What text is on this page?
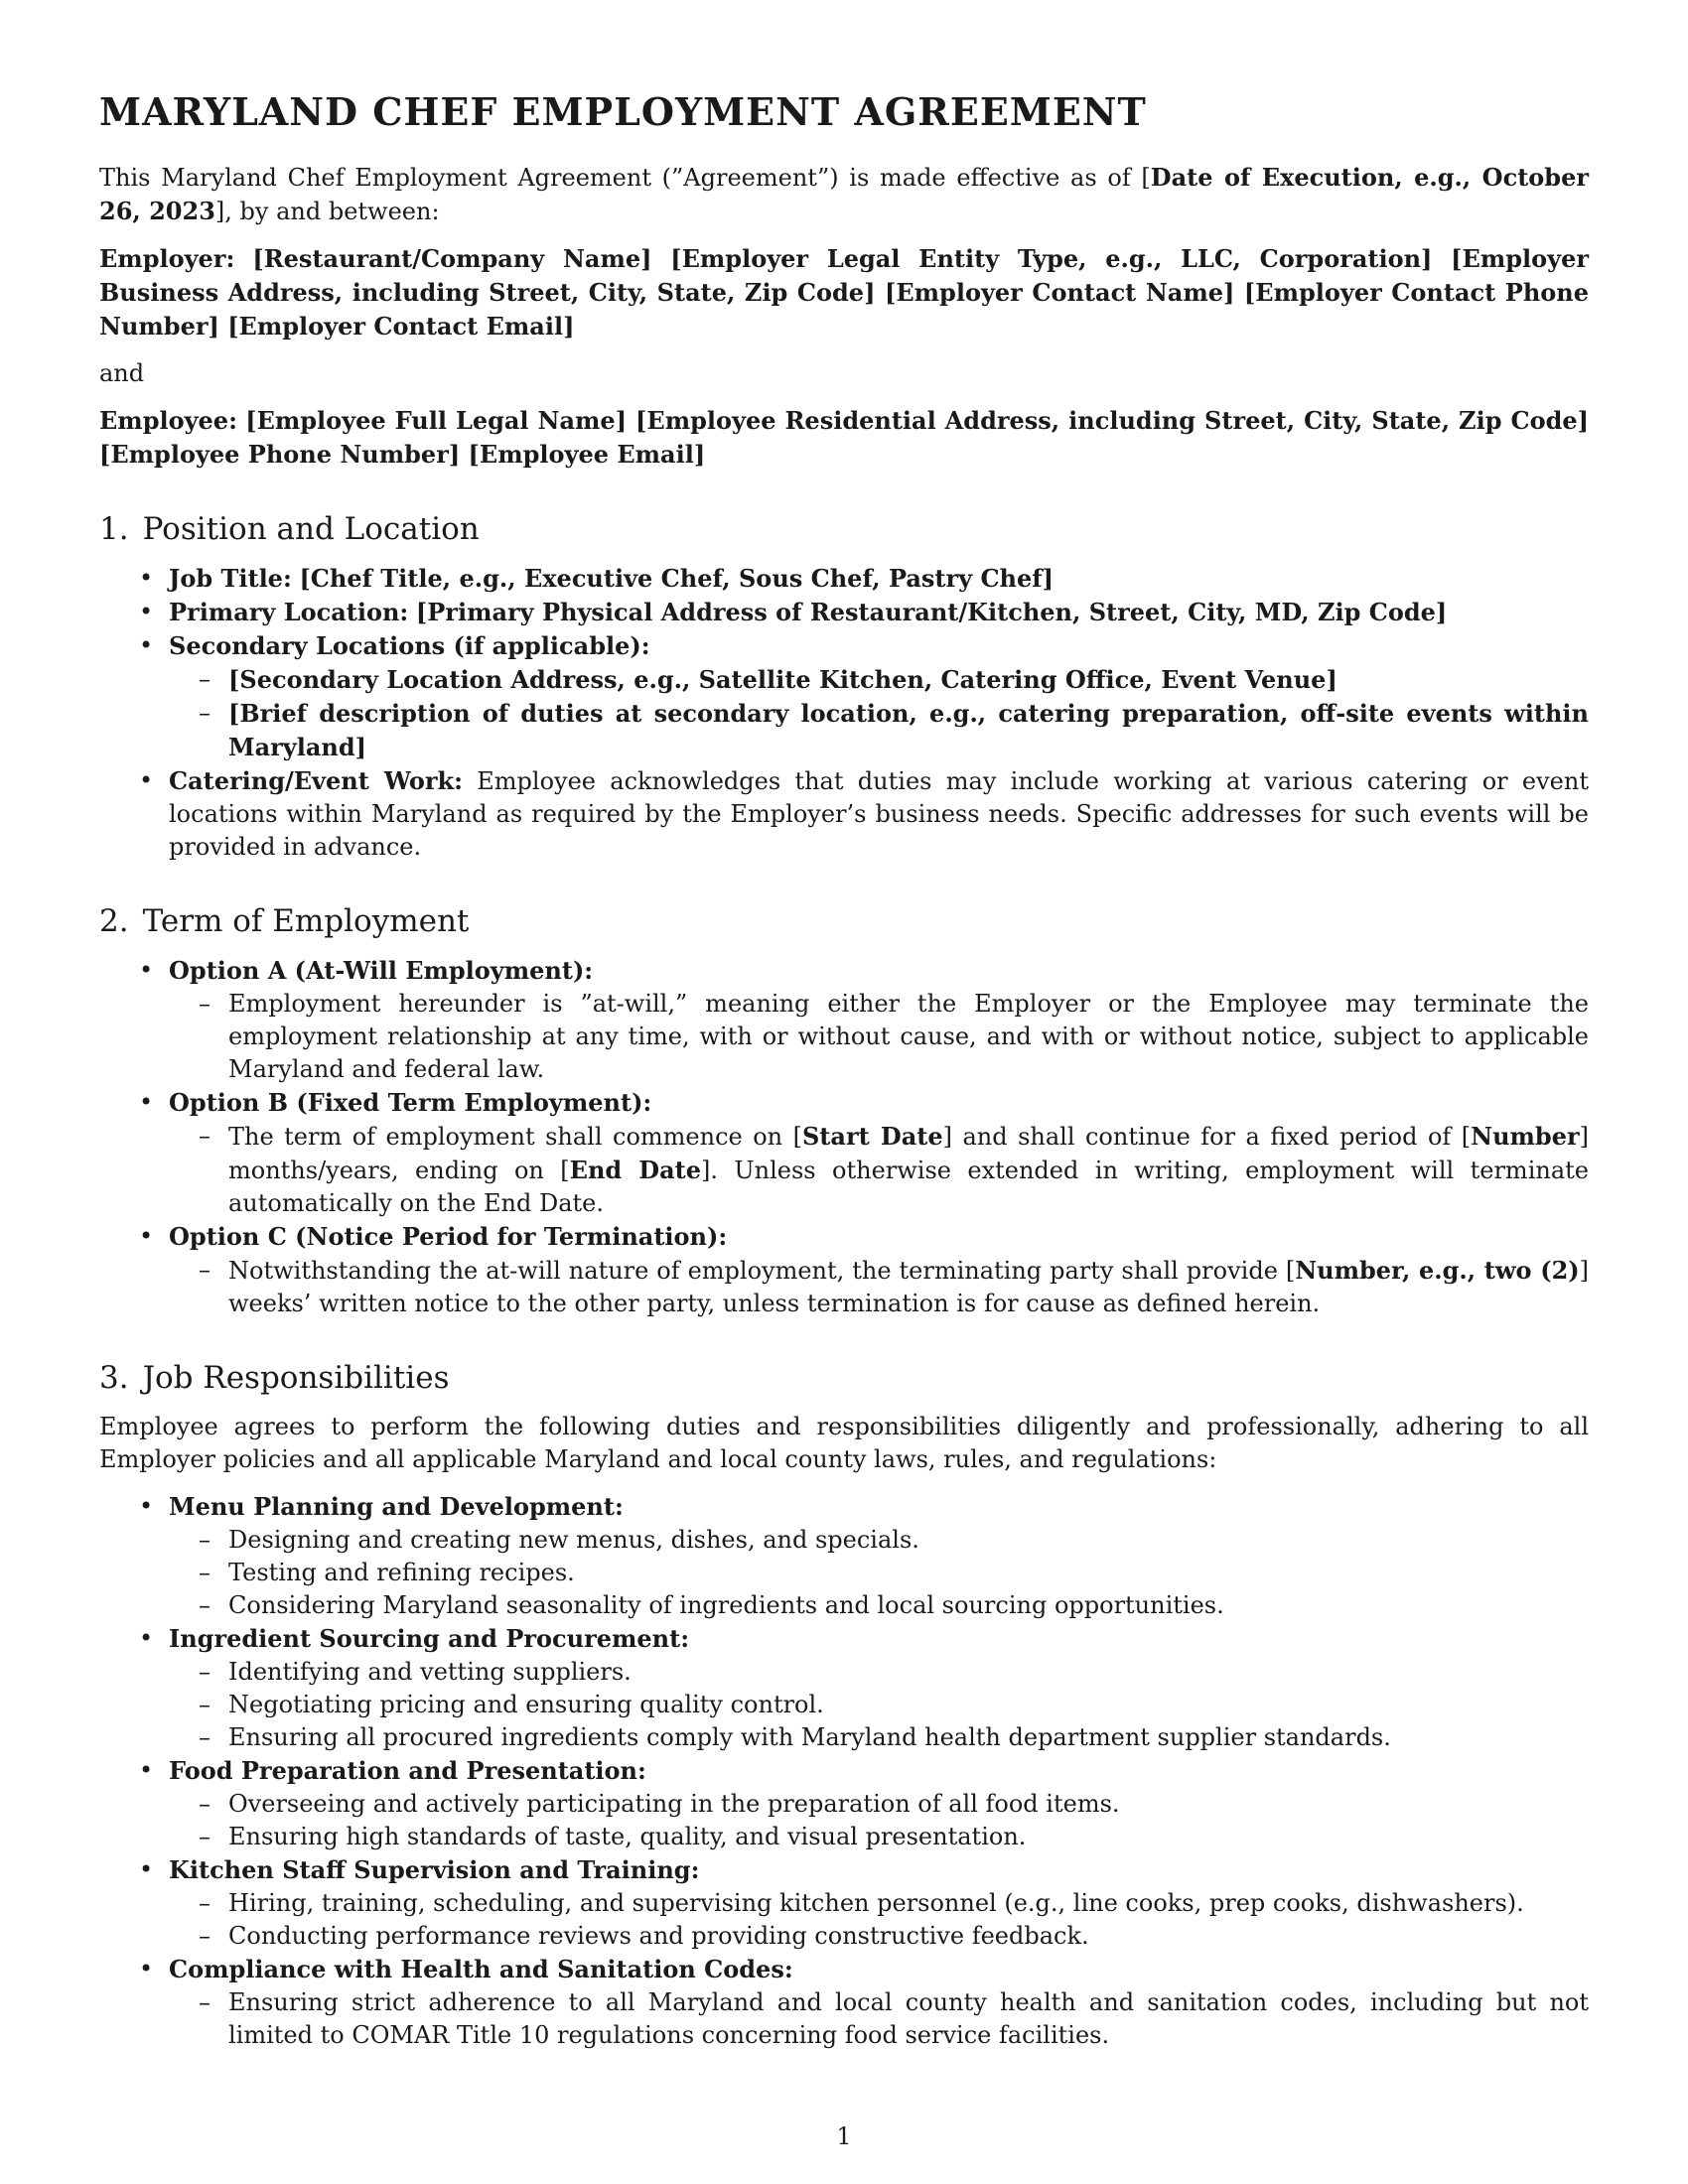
MARYLAND CHEF EMPLOYMENT AGREEMENT

This Maryland Chef Employment Agreement (”Agreement”) is made effective as of [Date of Execution, e.g., October 26, 2023], by and between:

Employer: [Restaurant/Company Name] [Employer Legal Entity Type, e.g., LLC, Corporation] [Employer Business Address, including Street, City, State, Zip Code] [Employer Contact Name] [Employer Contact Phone Number] [Employer Contact Email]

and

Employee: [Employee Full Legal Name] [Employee Residential Address, including Street, City, State, Zip Code] [Employee Phone Number] [Employee Email]

1. Position and Location
• Job Title: [Chef Title, e.g., Executive Chef, Sous Chef, Pastry Chef]
• Primary Location: [Primary Physical Address of Restaurant/Kitchen, Street, City, MD, Zip Code]
• Secondary Locations (if applicable):
– [Secondary Location Address, e.g., Satellite Kitchen, Catering Office, Event Venue]
– [Brief description of duties at secondary location, e.g., catering preparation, off-site events within Maryland]
• Catering/Event Work: Employee acknowledges that duties may include working at various catering or event locations within Maryland as required by the Employer’s business needs. Specific addresses for such events will be provided in advance.
2. Term of Employment
• Option A (At-Will Employment):
– Employment hereunder is ”at-will,” meaning either the Employer or the Employee may terminate the employment relationship at any time, with or without cause, and with or without notice, subject to applicable Maryland and federal law.
• Option B (Fixed Term Employment):
– The term of employment shall commence on [Start Date] and shall continue for a fixed period of [Number] months/years, ending on [End Date]. Unless otherwise extended in writing, employment will terminate automatically on the End Date.
• Option C (Notice Period for Termination):
– Notwithstanding the at-will nature of employment, the terminating party shall provide [Number, e.g., two (2)] weeks’ written notice to the other party, unless termination is for cause as defined herein.
3. Job Responsibilities

Employee agrees to perform the following duties and responsibilities diligently and professionally, adhering to all Employer policies and all applicable Maryland and local county laws, rules, and regulations:

• Menu Planning and Development:
– Designing and creating new menus, dishes, and specials.
– Testing and refining recipes.
– Considering Maryland seasonality of ingredients and local sourcing opportunities.
• Ingredient Sourcing and Procurement:
– Identifying and vetting suppliers.
– Negotiating pricing and ensuring quality control.
– Ensuring all procured ingredients comply with Maryland health department supplier standards.
• Food Preparation and Presentation:
– Overseeing and actively participating in the preparation of all food items.
– Ensuring high standards of taste, quality, and visual presentation.
• Kitchen Staff Supervision and Training:
– Hiring, training, scheduling, and supervising kitchen personnel (e.g., line cooks, prep cooks, dishwashers).
– Conducting performance reviews and providing constructive feedback.
• Compliance with Health and Sanitation Codes:
– Ensuring strict adherence to all Maryland and local county health and sanitation codes, including but not limited to COMAR Title 10 regulations concerning food service facilities.
1
